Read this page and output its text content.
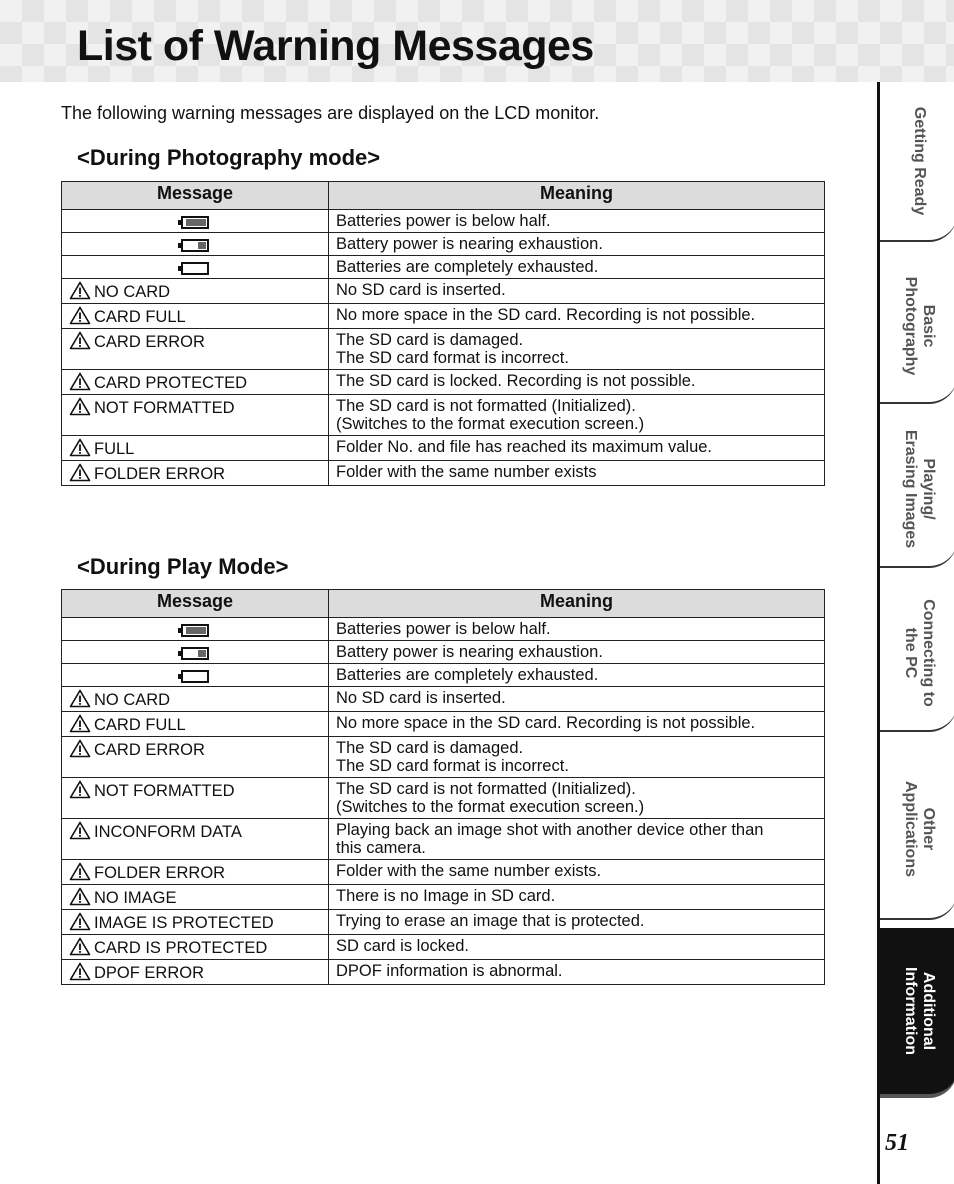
List of Warning Messages

The following warning messages are displayed on the LCD monitor.

<During Photography mode>
Message	Meaning

	Batteries power is below half.

	Battery power is nearing exhaustion.
	Batteries are completely exhausted.

NO CARD	No SD card is inserted.

CARD FULL	No more space in the SD card. Recording is not possible.

CARD ERROR	The SD card is damaged.
The SD card format is incorrect.

CARD PROTECTED	The SD card is locked. Recording is not possible.

NOT FORMATTED	The SD card is not formatted (Initialized).
(Switches to the format execution screen.)

FULL	Folder No. and file has reached its maximum value.

FOLDER ERROR	Folder with the same number exists
<During Play Mode>
Message	Meaning

	Batteries power is below half.

	Battery power is nearing exhaustion.
	Batteries are completely exhausted.

NO CARD	No SD card is inserted.

CARD FULL	No more space in the SD card. Recording is not possible.

CARD ERROR	The SD card is damaged.
The SD card format is incorrect.

NOT FORMATTED	The SD card is not formatted (Initialized).
(Switches to the format execution screen.)

INCONFORM DATA	Playing back an image shot with another device other than
this camera.

FOLDER ERROR	Folder with the same number exists.

NO IMAGE	There is no Image in SD card.

IMAGE IS PROTECTED	Trying to erase an image that is protected.

CARD IS PROTECTED	SD card is locked.

DPOF ERROR	DPOF information is abnormal.
Getting Ready
Basic
Photography
Playing/
Erasing Images
Connecting to
the PC
Other
Applications
Additional
Information

51
